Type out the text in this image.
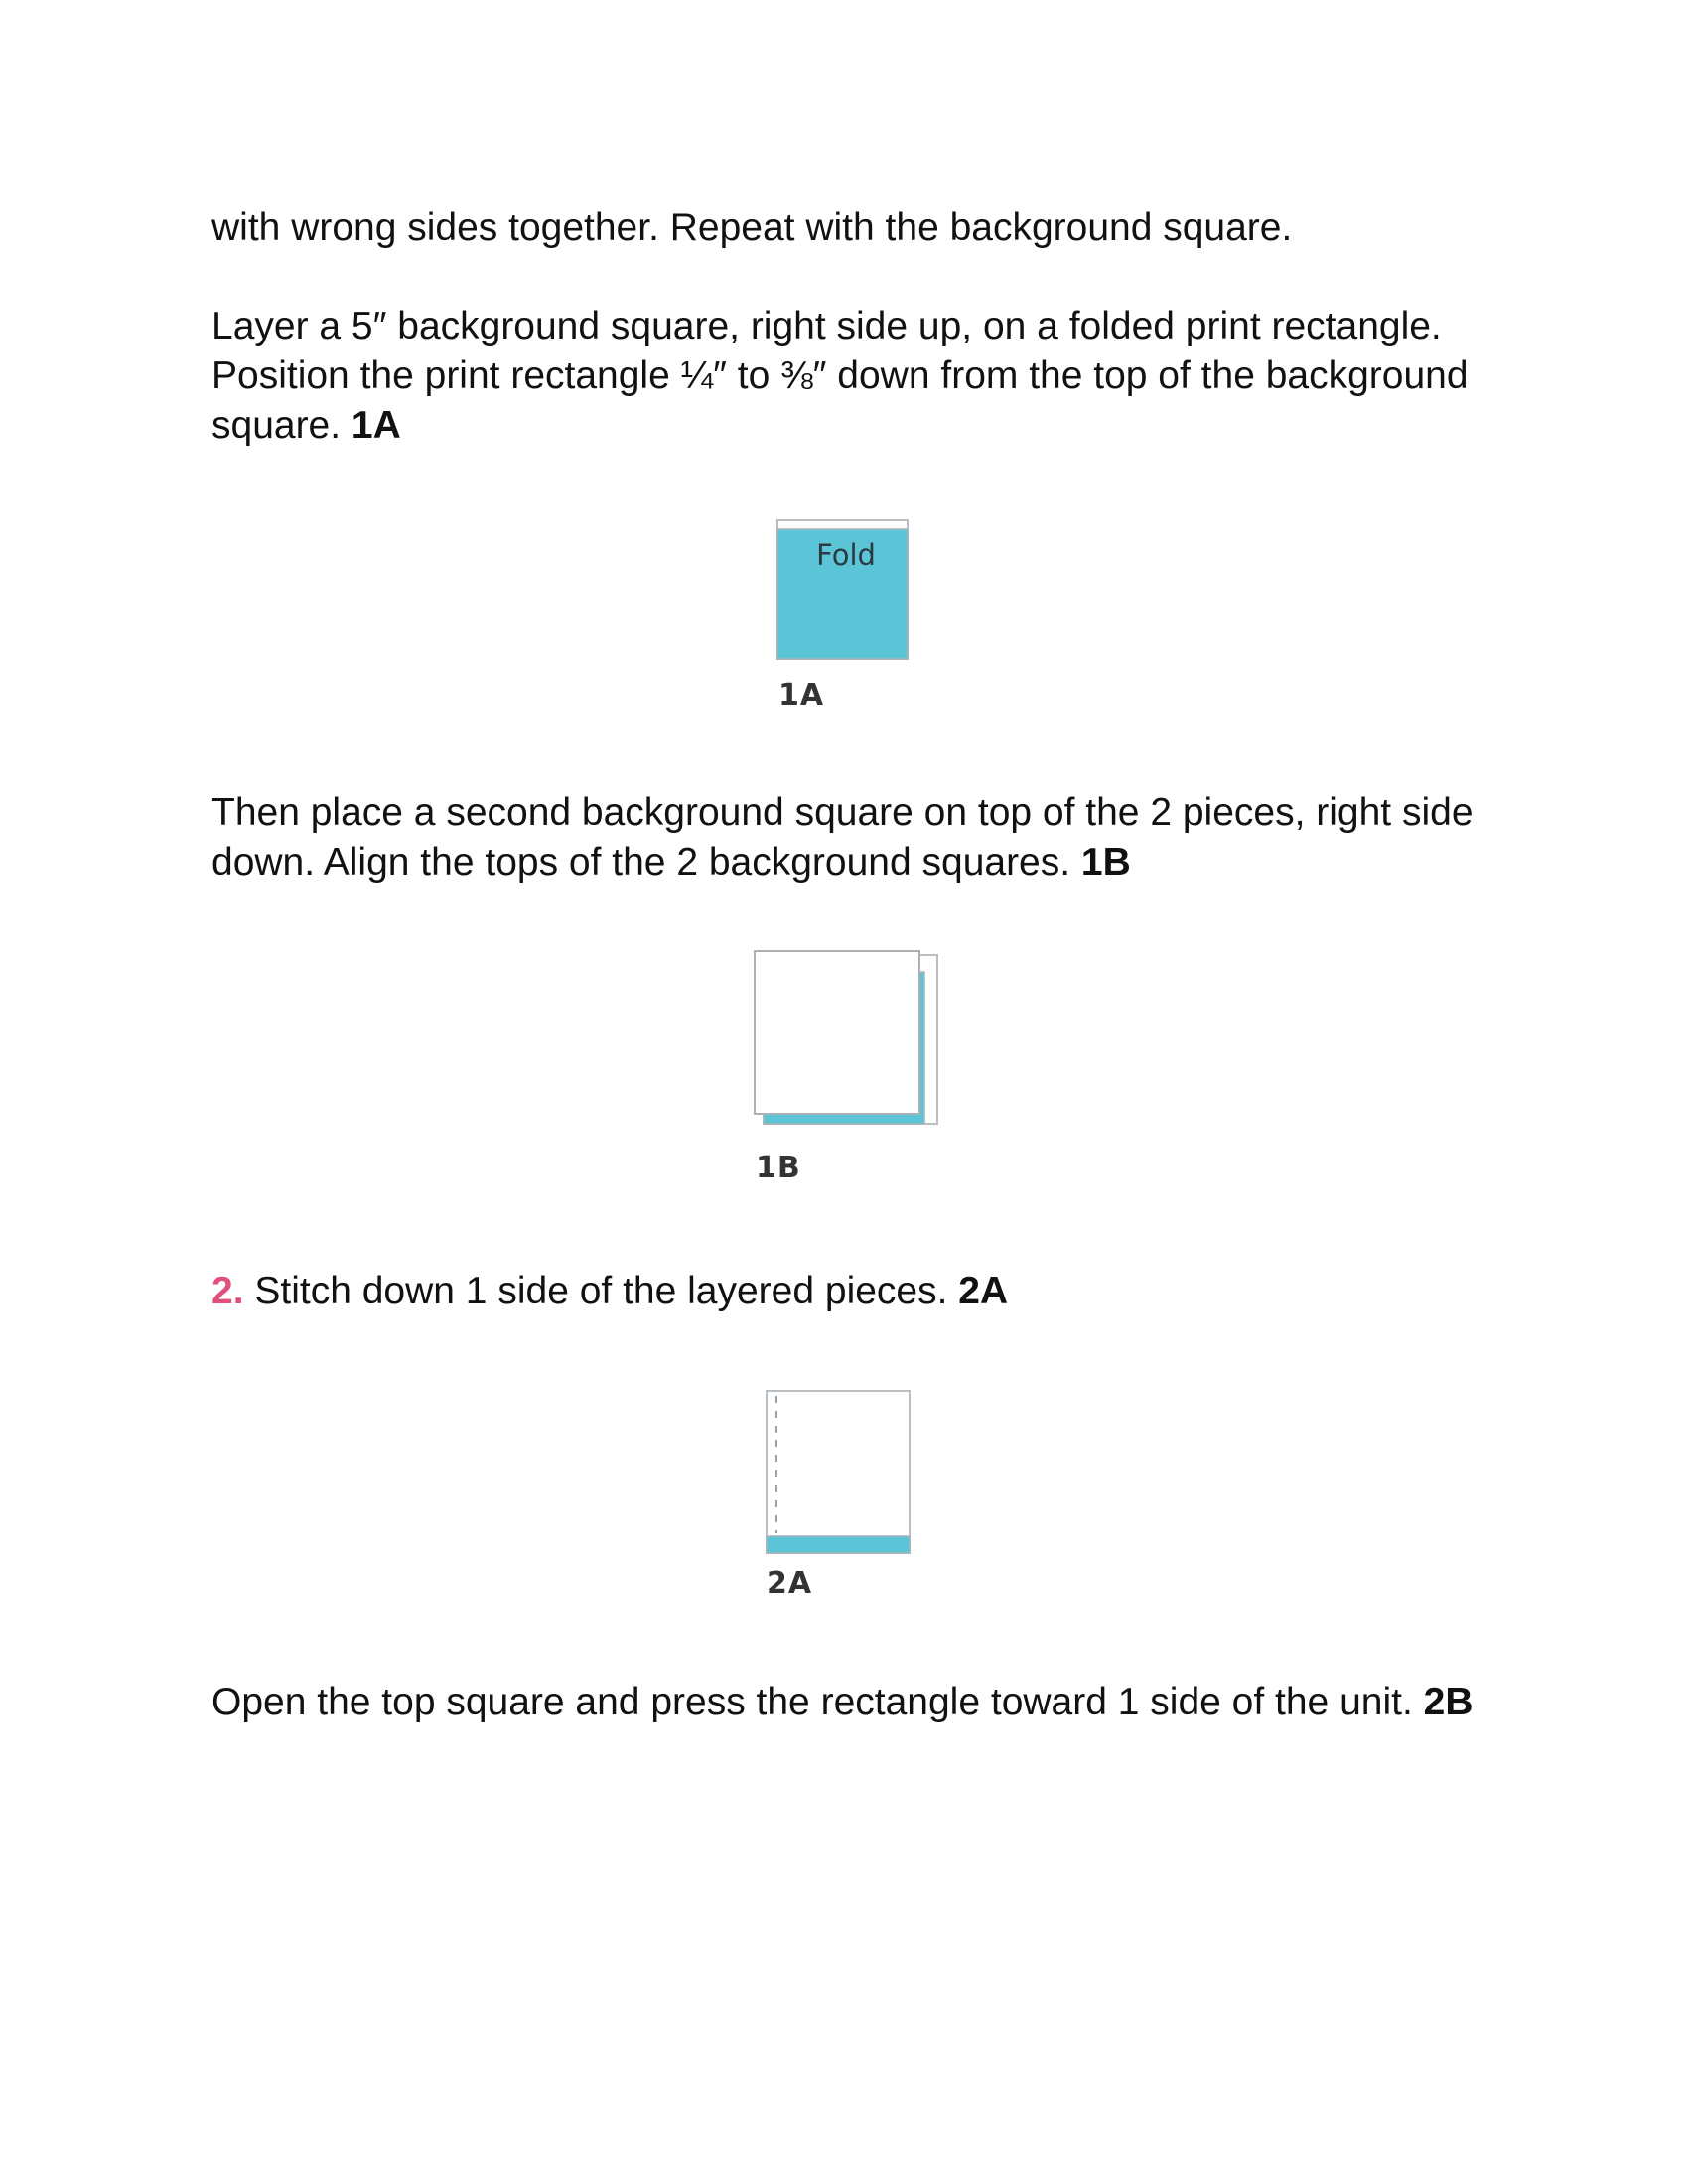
with wrong sides together. Repeat with the background square.

Layer a 5″ background square, right side up, on a folded print rectangle. Position the print rectangle ¼″ to ⅜″ down from the top of the background square. 1A

Fold
1A

Then place a second background square on top of the 2 pieces, right side down. Align the tops of the 2 background squares. 1B

1B

2. Stitch down 1 side of the layered pieces. 2A

2A

Open the top square and press the rectangle toward 1 side of the unit. 2B
